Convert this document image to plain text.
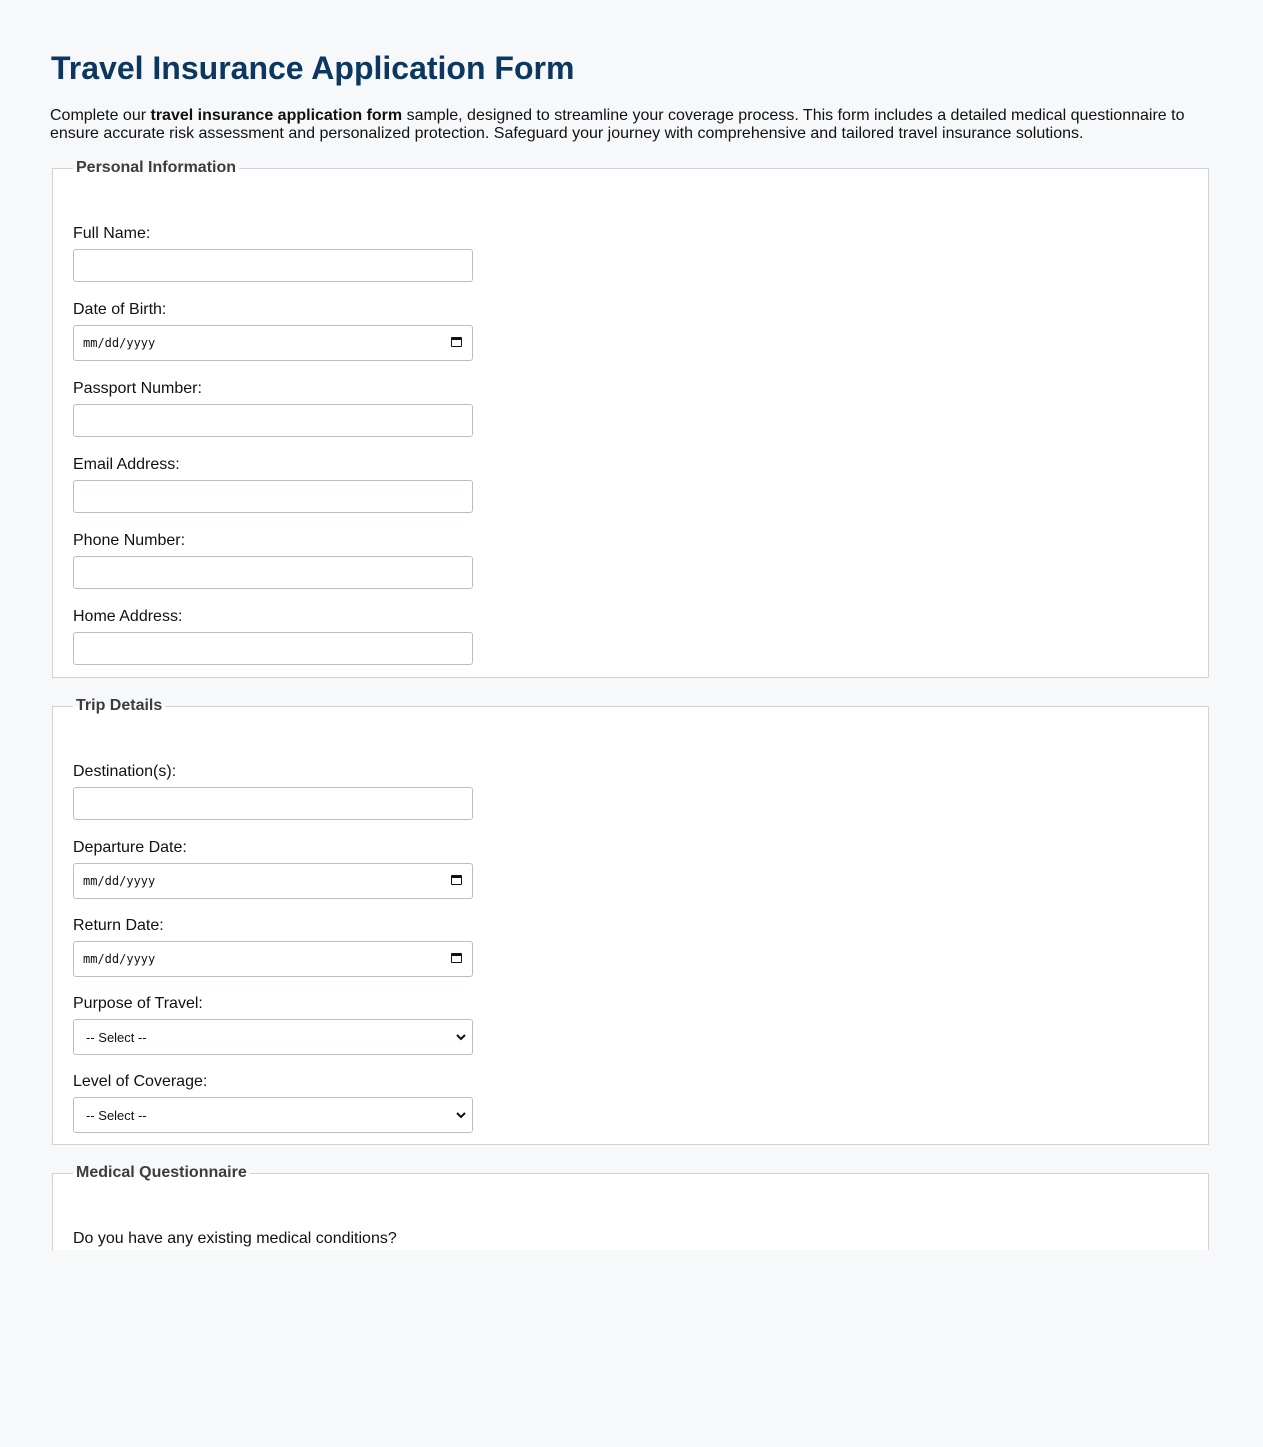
Travel Insurance Application Form

Complete our travel insurance application form sample, designed to streamline your coverage process. This form includes a detailed medical questionnaire to ensure accurate risk assessment and personalized protection. Safeguard your journey with comprehensive and tailored travel insurance solutions.

Personal Information
Full Name:
Date of Birth:
mm/dd/yyyy
Passport Number:
Email Address:
Phone Number:
Home Address:
Trip Details
Destination(s):
Departure Date:
mm/dd/yyyy
Return Date:
mm/dd/yyyy
Purpose of Travel:
-- Select --
Level of Coverage:
-- Select --
Medical Questionnaire
Do you have any existing medical conditions?
